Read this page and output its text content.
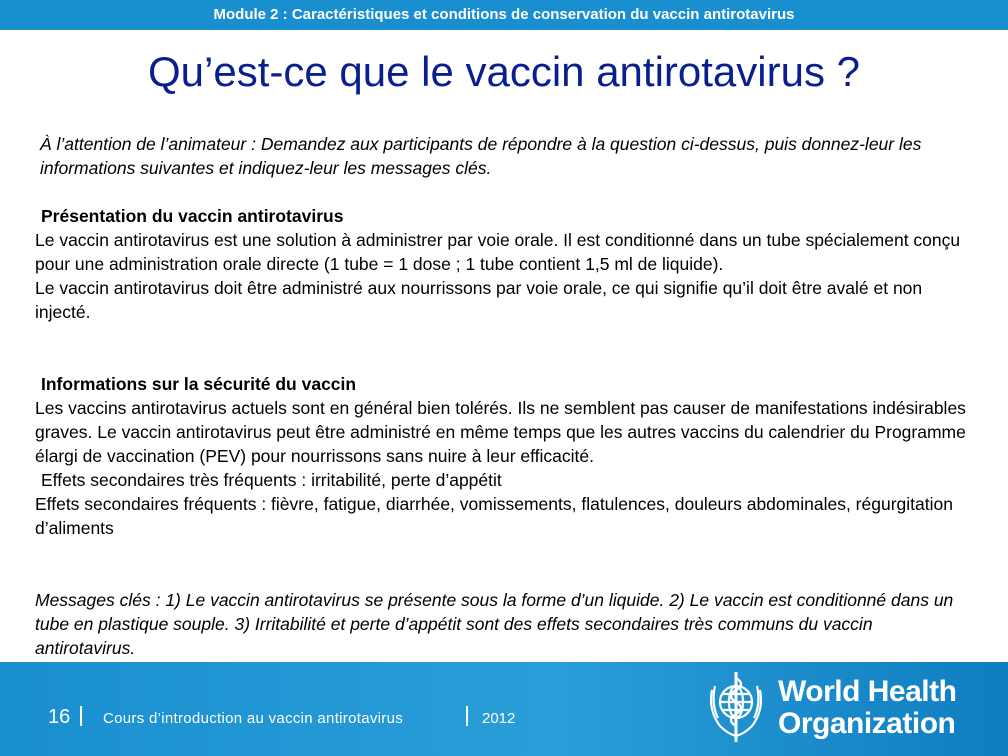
Module 2 : Caractéristiques et conditions de conservation du vaccin antirotavirus
Qu’est-ce que le vaccin antirotavirus ?
À l’attention de l’animateur : Demandez aux participants de répondre à la question ci-dessus, puis donnez-leur les informations suivantes et indiquez-leur les messages clés.
Présentation du vaccin antirotavirus
Le vaccin antirotavirus est une solution à administrer par voie orale. Il est conditionné dans un tube spécialement conçu pour une administration orale directe (1 tube = 1 dose ; 1 tube contient 1,5 ml de liquide).
Le vaccin antirotavirus doit être administré aux nourrissons par voie orale, ce qui signifie qu’il doit être avalé et non injecté.
Informations sur la sécurité du vaccin
Les vaccins antirotavirus actuels sont en général bien tolérés. Ils ne semblent pas causer de manifestations indésirables graves. Le vaccin antirotavirus peut être administré en même temps que les autres vaccins du calendrier du Programme élargi de vaccination (PEV) pour nourrissons sans nuire à leur efficacité.
Effets secondaires très fréquents : irritabilité, perte d’appétit
Effets secondaires fréquents : fièvre, fatigue, diarrhée, vomissements, flatulences, douleurs abdominales, régurgitation d’aliments
Messages clés : 1) Le vaccin antirotavirus se présente sous la forme d’un liquide. 2) Le vaccin est conditionné dans un tube en plastique souple. 3) Irritabilité et perte d’appétit sont des effets secondaires très communs du vaccin antirotavirus.
16 Cours d’introduction au vaccin antirotavirus	2012
World Health
Organization
